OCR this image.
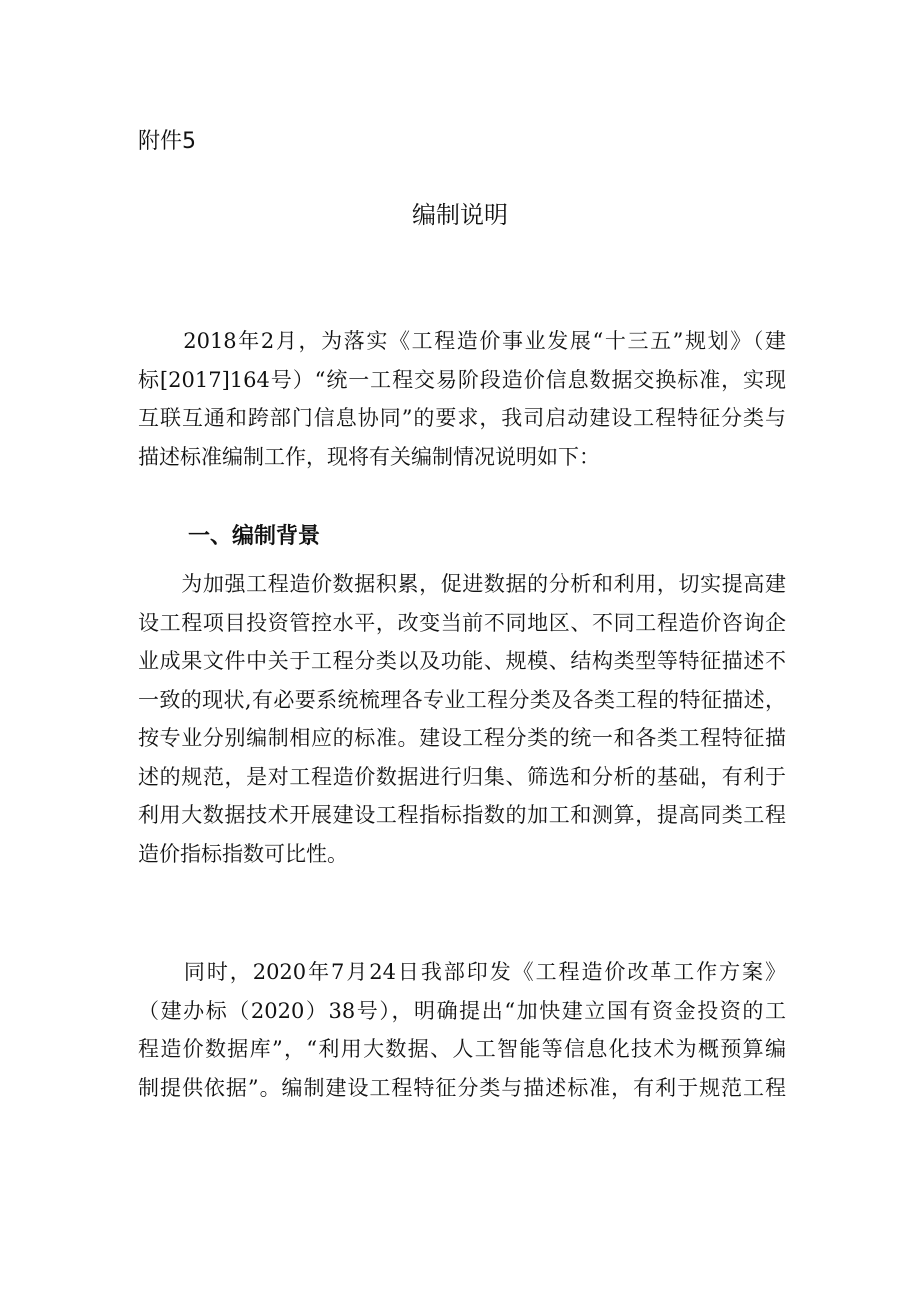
附件5

编制说明

　　2018年2月，为落实《工程造价事业发展“十三五”规划》（建
标[2017]164号）“统一工程交易阶段造价信息数据交换标准，实现
互联互通和跨部门信息协同”的要求，我司启动建设工程特征分类与
描述标准编制工作，现将有关编制情况说明如下：

一、编制背景

　　为加强工程造价数据积累，促进数据的分析和利用，切实提高建
设工程项目投资管控水平，改变当前不同地区、不同工程造价咨询企
业成果文件中关于工程分类以及功能、规模、结构类型等特征描述不
一致的现状,有必要系统梳理各专业工程分类及各类工程的特征描述，
按专业分别编制相应的标准。建设工程分类的统一和各类工程特征描
述的规范，是对工程造价数据进行归集、筛选和分析的基础，有利于
利用大数据技术开展建设工程指标指数的加工和测算，提高同类工程
造价指标指数可比性。

　　同时，2020年7月24日我部印发《工程造价改革工作方案》
（建办标（2020）38号），明确提出“加快建立国有资金投资的工
程造价数据库”，“利用大数据、人工智能等信息化技术为概预算编
制提供依据”。编制建设工程特征分类与描述标准，有利于规范工程
